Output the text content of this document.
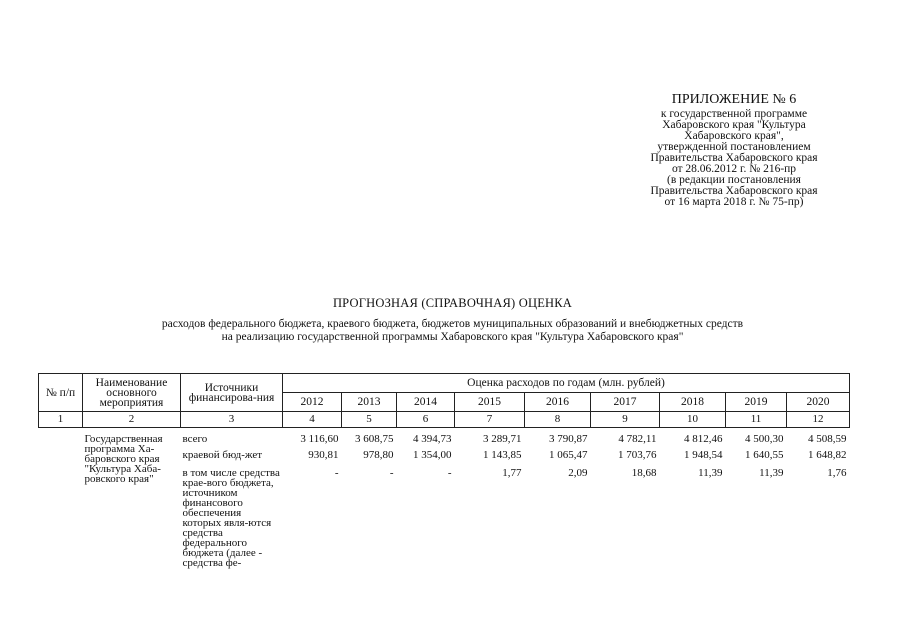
ПРИЛОЖЕНИЕ № 6
к государственной программе
Хабаровского края "Культура
Хабаровского края",
утвержденной постановлением
Правительства Хабаровского края
от 28.06.2012 г. № 216-пр
(в редакции постановления
Правительства Хабаровского края
от 16 марта 2018 г. № 75-пр)
ПРОГНОЗНАЯ (СПРАВОЧНАЯ) ОЦЕНКА
расходов федерального бюджета, краевого бюджета, бюджетов муниципальных образований и внебюджетных средств
на реализацию государственной программы Хабаровского края "Культура Хабаровского края"
№ п/п	Наименование основного мероприятия	Источники финансирова-ния	Оценка расходов по годам (млн. рублей)								
			2012	2013	2014	2015	2016	2017	2018	2019	2020
1	2	3	4	5	6	7	8	9	10	11	12
	Государственная программа Ха-баровского края "Культура Хаба-ровского края"	всего	3 116,60	3 608,75	4 394,73	3 289,71	3 790,87	4 782,11	4 812,46	4 500,30	4 508,59
		краевой бюд-жет	930,81	978,80	1 354,00	1 143,85	1 065,47	1 703,76	1 948,54	1 640,55	1 648,82
		в том числе средства крае-вого бюджета, источником финансового обеспечения которых явля-ются средства федерального бюджета (далее - средства фе-	-	-	-	1,77	2,09	18,68	11,39	11,39	1,76
